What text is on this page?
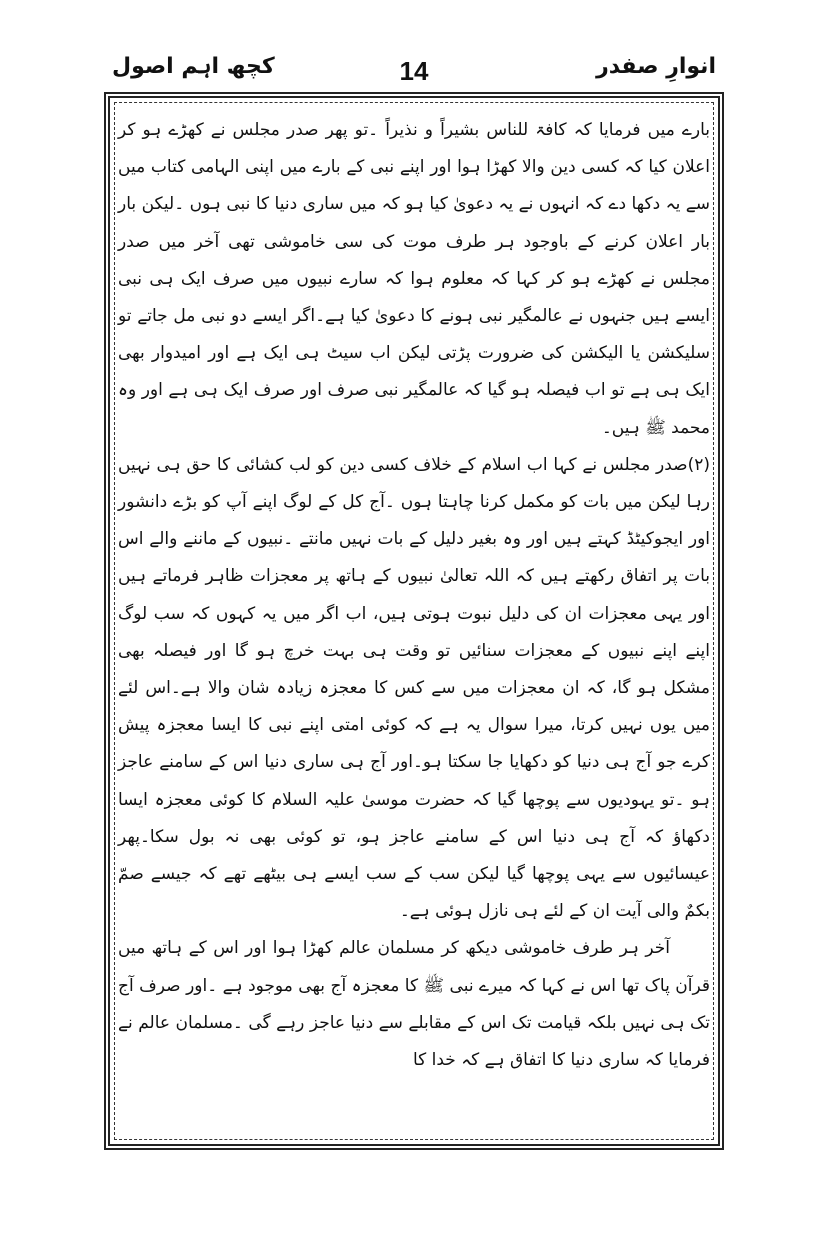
کچھ اہم اصول	14	انوارِ صفدر

بارے میں فرمایا کہ کافۃ للناس بشیراً و نذیراً ۔تو پھر صدر مجلس نے کھڑے ہو کر اعلان کیا کہ کسی دین والا کھڑا ہوا اور اپنے نبی کے بارے میں اپنی الہامی کتاب میں سے یہ دکھا دے کہ انہوں نے یہ دعویٰ کیا ہو کہ میں ساری دنیا کا نبی ہوں ۔لیکن بار بار اعلان کرنے کے باوجود ہر طرف موت کی سی خاموشی تھی آخر میں صدر مجلس نے کھڑے ہو کر کہا کہ معلوم ہوا کہ سارے نبیوں میں صرف ایک ہی نبی ایسے ہیں جنہوں نے عالمگیر نبی ہونے کا دعویٰ کیا ہے۔اگر ایسے دو نبی مل جاتے تو سلیکشن یا الیکشن کی ضرورت پڑتی لیکن اب سیٹ ہی ایک ہے اور امیدوار بھی ایک ہی ہے تو اب فیصلہ ہو گیا کہ عالمگیر نبی صرف اور صرف ایک ہی ہے اور وہ محمد ﷺ ہیں۔

(۲)صدر مجلس نے کہا اب اسلام کے خلاف کسی دین کو لب کشائی کا حق ہی نہیں رہا لیکن میں بات کو مکمل کرنا چاہتا ہوں ۔آج کل کے لوگ اپنے آپ کو بڑے دانشور اور ایجوکیٹڈ کہتے ہیں اور وہ بغیر دلیل کے بات نہیں مانتے ۔نبیوں کے ماننے والے اس بات پر اتفاق رکھتے ہیں کہ اللہ تعالیٰ نبیوں کے ہاتھ پر معجزات ظاہر فرماتے ہیں اور یہی معجزات ان کی دلیل نبوت ہوتی ہیں، اب اگر میں یہ کہوں کہ سب لوگ اپنے اپنے نبیوں کے معجزات سنائیں تو وقت ہی بہت خرچ ہو گا اور فیصلہ بھی مشکل ہو گا، کہ ان معجزات میں سے کس کا معجزہ زیادہ شان والا ہے۔اس لئے میں یوں نہیں کرتا، میرا سوال یہ ہے کہ کوئی امتی اپنے نبی کا ایسا معجزہ پیش کرے جو آج ہی دنیا کو دکھایا جا سکتا ہو۔اور آج ہی ساری دنیا اس کے سامنے عاجز ہو ۔تو یہودیوں سے پوچھا گیا کہ حضرت موسیٰ علیہ السلام کا کوئی معجزہ ایسا دکھاؤ کہ آج ہی دنیا اس کے سامنے عاجز ہو، تو کوئی بھی نہ بول سکا۔پھر عیسائیوں سے یہی پوچھا گیا لیکن سب کے سب ایسے ہی بیٹھے تھے کہ جیسے صمّ بکمٌ والی آیت ان کے لئے ہی نازل ہوئی ہے۔

آخر ہر طرف خاموشی دیکھ کر مسلمان عالم کھڑا ہوا اور اس کے ہاتھ میں قرآن پاک تھا اس نے کہا کہ میرے نبی ﷺ کا معجزہ آج بھی موجود ہے ۔اور صرف آج تک ہی نہیں بلکہ قیامت تک اس کے مقابلے سے دنیا عاجز رہے گی ۔مسلمان عالم نے فرمایا کہ ساری دنیا کا اتفاق ہے کہ خدا کا
